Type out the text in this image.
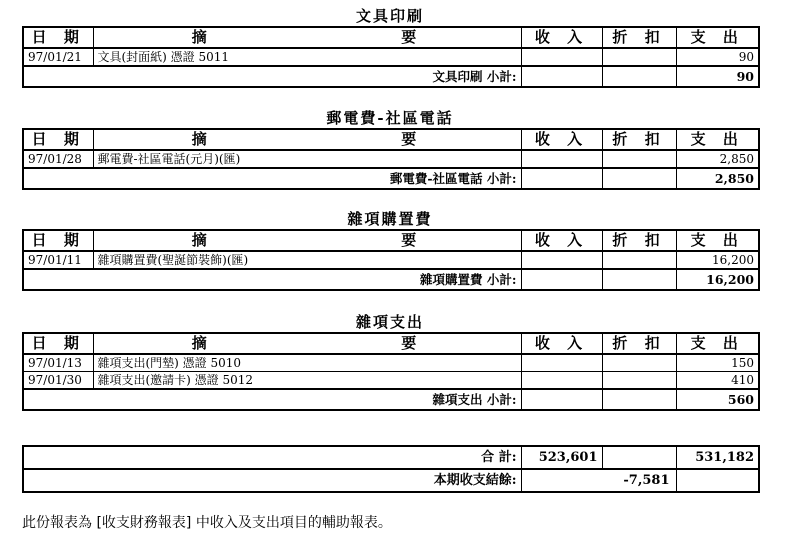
文具印刷
日 期	摘 要	收 入	折 扣	支 出
97/01/21	文具(封面紙) 憑證 5011			90
文具印刷 小計:				90
郵電費-社區電話
日 期	摘 要	收 入	折 扣	支 出
97/01/28	郵電費-社區電話(元月)(匯)			2,850
郵電費-社區電話 小計:				2,850
雜項購置費
日 期	摘 要	收 入	折 扣	支 出
97/01/11	雜項購置費(聖誕節裝飾)(匯)			16,200
雜項購置費 小計:				16,200
雜項支出
日 期	摘 要	收 入	折 扣	支 出
97/01/13	雜項支出(門墊) 憑證 5010			150
97/01/30	雜項支出(邀請卡) 憑證 5012			410
雜項支出 小計:				560
合 計:	523,601		531,182
本期收支結餘:	-7,581		
此份報表為 [收支財務報表] 中收入及支出項目的輔助報表。
